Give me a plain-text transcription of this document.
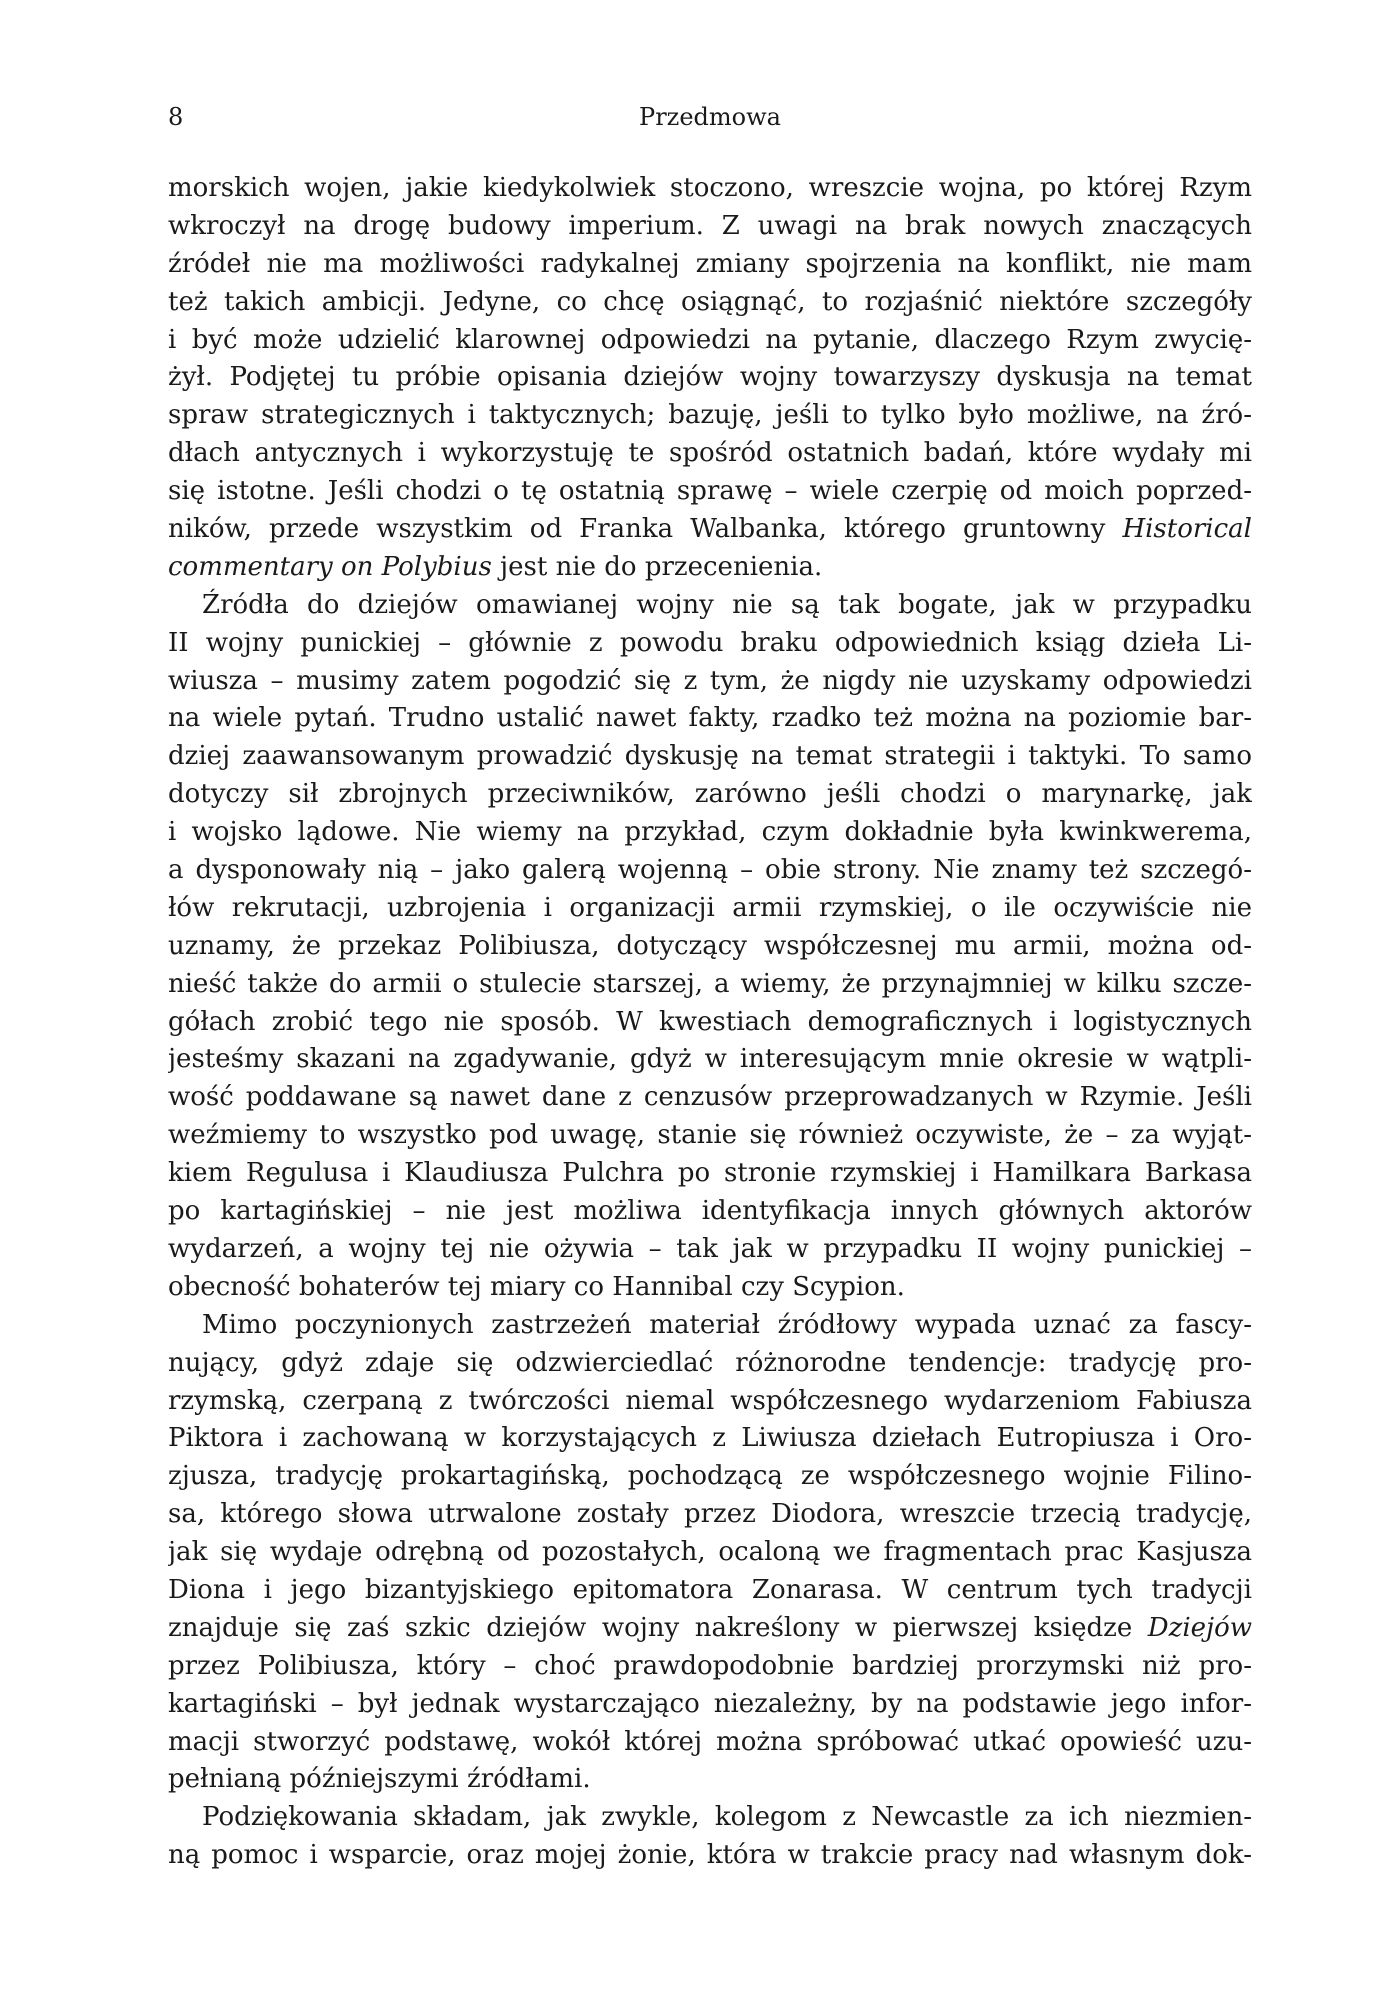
8	Przedmowa
morskich wojen, jakie kiedykolwiek stoczono, wreszcie wojna, po której Rzym
wkroczył na drogę budowy imperium. Z uwagi na brak nowych znaczących
źródeł nie ma możliwości radykalnej zmiany spojrzenia na konflikt, nie mam
też takich ambicji. Jedyne, co chcę osiągnąć, to rozjaśnić niektóre szczegóły
i być może udzielić klarownej odpowiedzi na pytanie, dlaczego Rzym zwycię-
żył. Podjętej tu próbie opisania dziejów wojny towarzyszy dyskusja na temat
spraw strategicznych i taktycznych; bazuję, jeśli to tylko było możliwe, na źró-
dłach antycznych i wykorzystuję te spośród ostatnich badań, które wydały mi
się istotne. Jeśli chodzi o tę ostatnią sprawę – wiele czerpię od moich poprzed-
ników, przede wszystkim od Franka Walbanka, którego gruntowny Historical
commentary on Polybius jest nie do przecenienia.
Źródła do dziejów omawianej wojny nie są tak bogate, jak w przypadku
II wojny punickiej – głównie z powodu braku odpowiednich ksiąg dzieła Li-
wiusza – musimy zatem pogodzić się z tym, że nigdy nie uzyskamy odpowiedzi
na wiele pytań. Trudno ustalić nawet fakty, rzadko też można na poziomie bar-
dziej zaawansowanym prowadzić dyskusję na temat strategii i taktyki. To samo
dotyczy sił zbrojnych przeciwników, zarówno jeśli chodzi o marynarkę, jak
i wojsko lądowe. Nie wiemy na przykład, czym dokładnie była kwinkwerema,
a dysponowały nią – jako galerą wojenną – obie strony. Nie znamy też szczegó-
łów rekrutacji, uzbrojenia i organizacji armii rzymskiej, o ile oczywiście nie
uznamy, że przekaz Polibiusza, dotyczący współczesnej mu armii, można od-
nieść także do armii o stulecie starszej, a wiemy, że przynajmniej w kilku szcze-
gółach zrobić tego nie sposób. W kwestiach demograficznych i logistycznych
jesteśmy skazani na zgadywanie, gdyż w interesującym mnie okresie w wątpli-
wość poddawane są nawet dane z cenzusów przeprowadzanych w Rzymie. Jeśli
weźmiemy to wszystko pod uwagę, stanie się również oczywiste, że – za wyjąt-
kiem Regulusa i Klaudiusza Pulchra po stronie rzymskiej i Hamilkara Barkasa
po kartagińskiej – nie jest możliwa identyfikacja innych głównych aktorów
wydarzeń, a wojny tej nie ożywia – tak jak w przypadku II wojny punickiej –
obecność bohaterów tej miary co Hannibal czy Scypion.
Mimo poczynionych zastrzeżeń materiał źródłowy wypada uznać za fascy-
nujący, gdyż zdaje się odzwierciedlać różnorodne tendencje: tradycję pro-
rzymską, czerpaną z twórczości niemal współczesnego wydarzeniom Fabiusza
Piktora i zachowaną w korzystających z Liwiusza dziełach Eutropiusza i Oro-
zjusza, tradycję prokartagińską, pochodzącą ze współczesnego wojnie Filino-
sa, którego słowa utrwalone zostały przez Diodora, wreszcie trzecią tradycję,
jak się wydaje odrębną od pozostałych, ocaloną we fragmentach prac Kasjusza
Diona i jego bizantyjskiego epitomatora Zonarasa. W centrum tych tradycji
znajduje się zaś szkic dziejów wojny nakreślony w pierwszej księdze Dziejów
przez Polibiusza, który – choć prawdopodobnie bardziej prorzymski niż pro-
kartagiński – był jednak wystarczająco niezależny, by na podstawie jego infor-
macji stworzyć podstawę, wokół której można spróbować utkać opowieść uzu-
pełnianą późniejszymi źródłami.
Podziękowania składam, jak zwykle, kolegom z Newcastle za ich niezmien-
ną pomoc i wsparcie, oraz mojej żonie, która w trakcie pracy nad własnym dok-
